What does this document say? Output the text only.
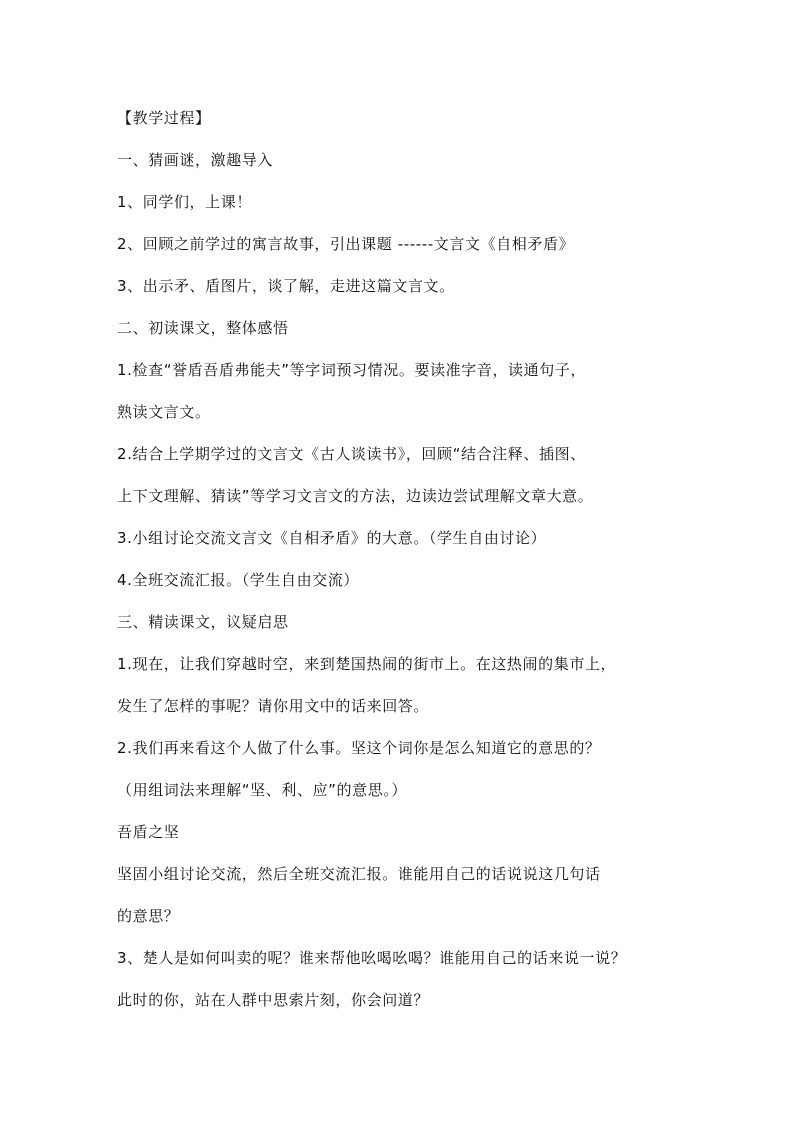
【教学过程】

一、猜画谜，激趣导入

1、同学们，上课！

2、回顾之前学过的寓言故事，引出课题 ------文言文《自相矛盾》

3、出示矛、盾图片，谈了解，走进这篇文言文。

二、初读课文，整体感悟

1.检查“誉盾吾盾弗能夫”等字词预习情况。要读准字音，读通句子，

熟读文言文。

2.结合上学期学过的文言文《古人谈读书》，回顾“结合注释、插图、

上下文理解、猜读”等学习文言文的方法，边读边尝试理解文章大意。

3.小组讨论交流文言文《自相矛盾》的大意。（学生自由讨论）

4.全班交流汇报。（学生自由交流）

三、精读课文，议疑启思

1.现在，让我们穿越时空，来到楚国热闹的街市上。在这热闹的集市上，

发生了怎样的事呢？请你用文中的话来回答。

2.我们再来看这个人做了什么事。坚这个词你是怎么知道它的意思的？

（用组词法来理解“坚、利、应”的意思。）

吾盾之坚

坚固小组讨论交流，然后全班交流汇报。谁能用自己的话说说这几句话

的意思？

3、楚人是如何叫卖的呢？谁来帮他吆喝吆喝？谁能用自己的话来说一说？

此时的你，站在人群中思索片刻，你会问道？
